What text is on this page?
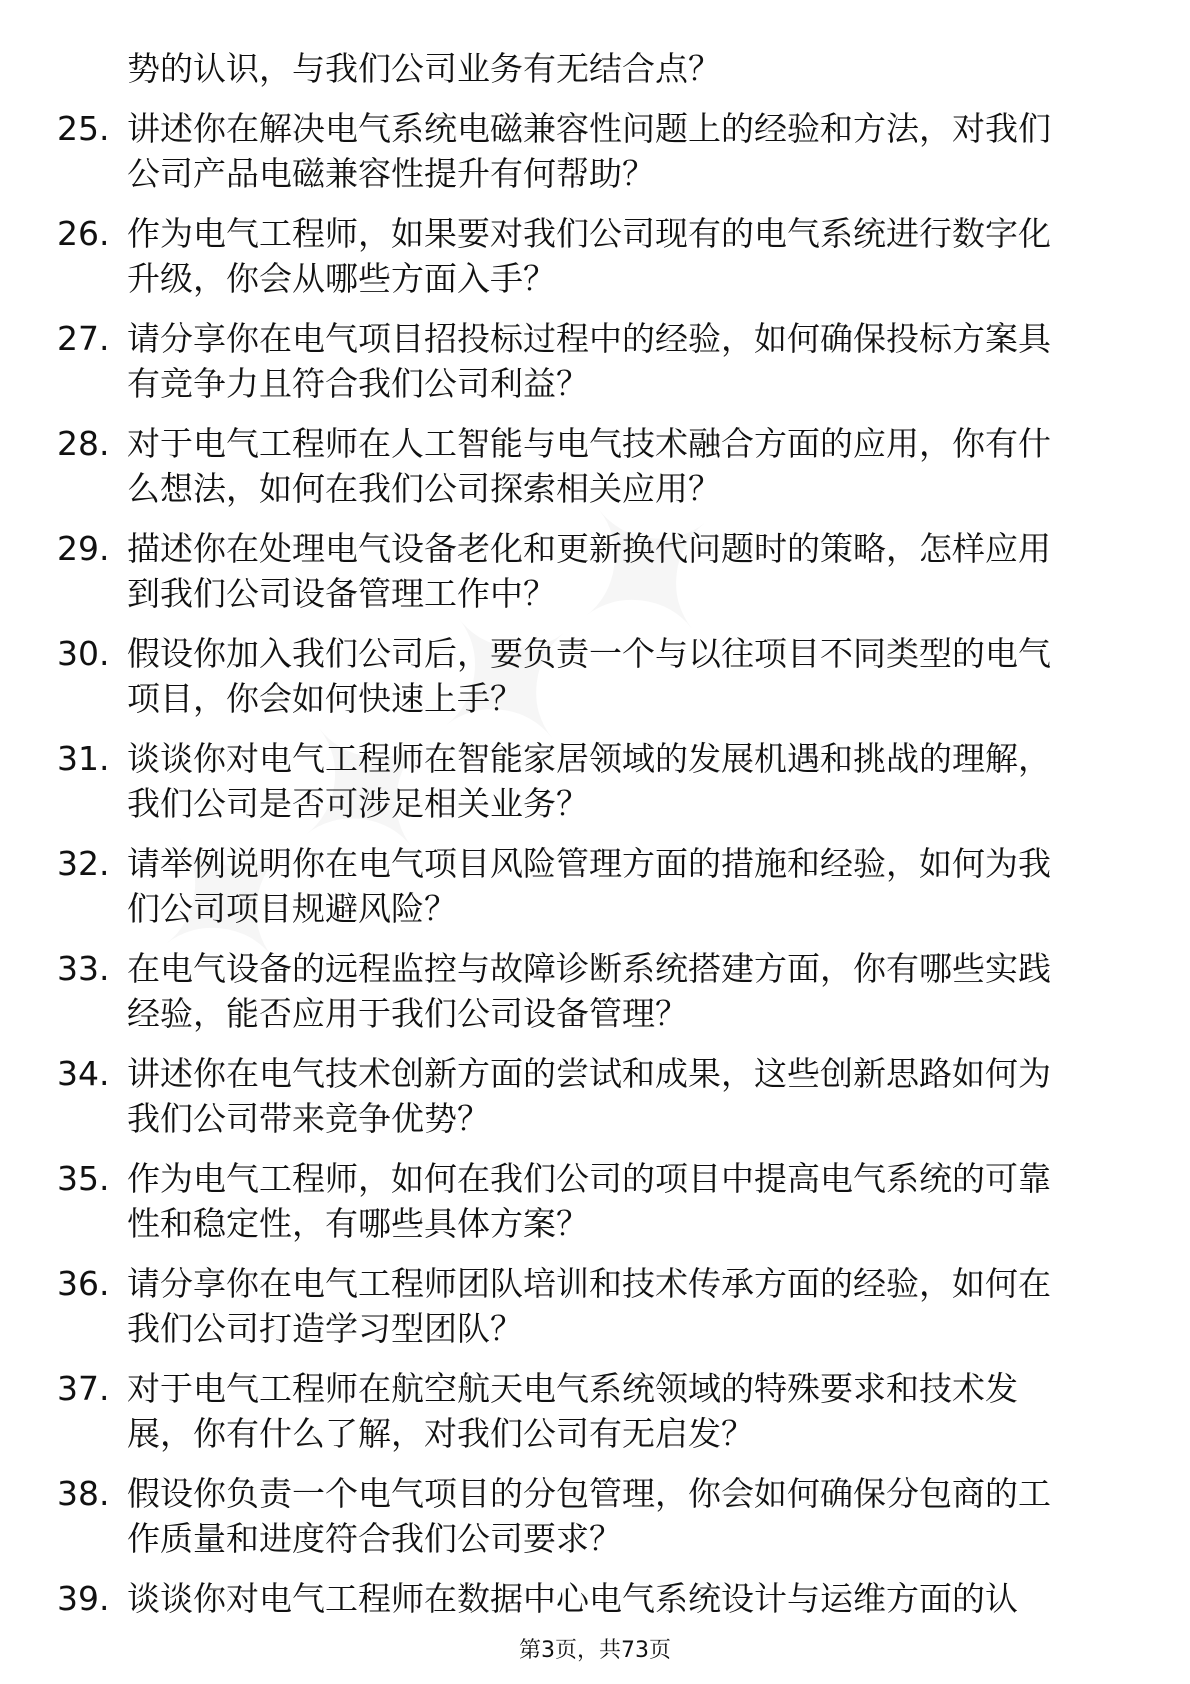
势的认识，与我们公司业务有无结合点？
25. 讲述你在解决电气系统电磁兼容性问题上的经验和方法，对我们
公司产品电磁兼容性提升有何帮助？
26. 作为电气工程师，如果要对我们公司现有的电气系统进行数字化
升级，你会从哪些方面入手？
27. 请分享你在电气项目招投标过程中的经验，如何确保投标方案具
有竞争力且符合我们公司利益？
28. 对于电气工程师在人工智能与电气技术融合方面的应用，你有什
么想法，如何在我们公司探索相关应用？
29. 描述你在处理电气设备老化和更新换代问题时的策略，怎样应用
到我们公司设备管理工作中？
30. 假设你加入我们公司后，要负责一个与以往项目不同类型的电气
项目，你会如何快速上手？
31. 谈谈你对电气工程师在智能家居领域的发展机遇和挑战的理解，
我们公司是否可涉足相关业务？
32. 请举例说明你在电气项目风险管理方面的措施和经验，如何为我
们公司项目规避风险？
33. 在电气设备的远程监控与故障诊断系统搭建方面，你有哪些实践
经验，能否应用于我们公司设备管理？
34. 讲述你在电气技术创新方面的尝试和成果，这些创新思路如何为
我们公司带来竞争优势？
35. 作为电气工程师，如何在我们公司的项目中提高电气系统的可靠
性和稳定性，有哪些具体方案？
36. 请分享你在电气工程师团队培训和技术传承方面的经验，如何在
我们公司打造学习型团队？
37. 对于电气工程师在航空航天电气系统领域的特殊要求和技术发
展，你有什么了解，对我们公司有无启发？
38. 假设你负责一个电气项目的分包管理，你会如何确保分包商的工
作质量和进度符合我们公司要求？
39. 谈谈你对电气工程师在数据中心电气系统设计与运维方面的认
第3页，共73页
